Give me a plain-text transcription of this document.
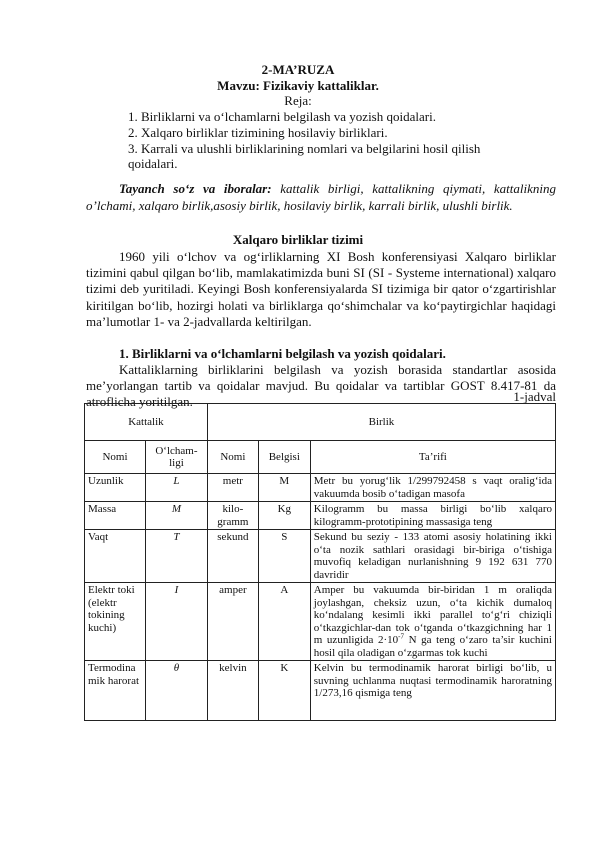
2-MA’RUZA
Mavzu: Fizikaviy kattaliklar.
Reja:
1. Birliklarni va o‘lchamlarni belgilash va yozish qoidalari.
2. Xalqaro birliklar tizimining hosilaviy birliklari.
3. Karrali va ulushli birliklarining nomlari va belgilarini hosil qilish qoidalari.
Tayanch so‘z va iboralar: kattalik birligi, kattalikning qiymati, kattalikning o’lchami, xalqaro birlik,asosiy birlik, hosilaviy birlik, karrali birlik, ulushli birlik.
Xalqaro birliklar tizimi
1960 yili o‘lchov va og‘irliklarning XI Bosh konferensiyasi Xalqaro birliklar tizimini qabul qilgan bo‘lib, mamlakatimizda buni SI (SI - Systeme international) xalqaro tizimi deb yuritiladi. Keyingi Bosh konferensiyalarda SI tizimiga bir qator o‘zgartirishlar kiritilgan bo‘lib, hozirgi holati va birliklarga qo‘shimchalar va ko‘paytirgichlar haqidagi ma’lumotlar 1- va 2-jadvallarda keltirilgan.
1. Birliklarni va o‘lchamlarni belgilash va yozish qoidalari.
Kattaliklarning birliklarini belgilash va yozish borasida standartlar asosida me’yorlangan tartib va qoidalar mavjud. Bu qoidalar va tartiblar GOST 8.417-81 da atroflicha yoritilgan.	1-jadval
Kattalik		Birlik		
Nomi	O‘lcham-ligi	Nomi	Belgisi	Ta’rifi
Uzunlik	L	metr	M	Metr bu yorug‘lik 1/299792458 s vaqt oralig‘ida vakuumda bosib o‘tadigan masofa
Massa	M	kilo-gramm	Kg	Kilogramm bu massa birligi bo‘lib xalqaro kilogramm-prototipining massasiga teng
Vaqt	T	sekund	S	Sekund bu seziy - 133 atomi asosiy holatining ikki o‘ta nozik sathlari orasidagi bir-biriga o‘tishiga muvofiq keladigan nurlanishning 9 192 631 770 davridir
Elektr toki (elektr tokining kuchi)	I	amper	A	Amper bu vakuumda bir-biridan 1 m oraliqda joylashgan, cheksiz uzun, o‘ta kichik dumaloq ko‘ndalang kesimli ikki parallel to‘g‘ri chiziqli o‘tkazgichlar-dan tok o‘tganda o‘tkazgichning har 1 m uzunligida $2\cdot 10^{-7}$ N ga teng o‘zaro ta’sir kuchini hosil qila oladigan o‘zgarmas tok kuchi
Termodina mik harorat	θ	kelvin	K	Kelvin bu termodinamik harorat birligi bo‘lib, u suvning uchlanma nuqtasi termodinamik haroratning 1/273,16 qismiga teng
